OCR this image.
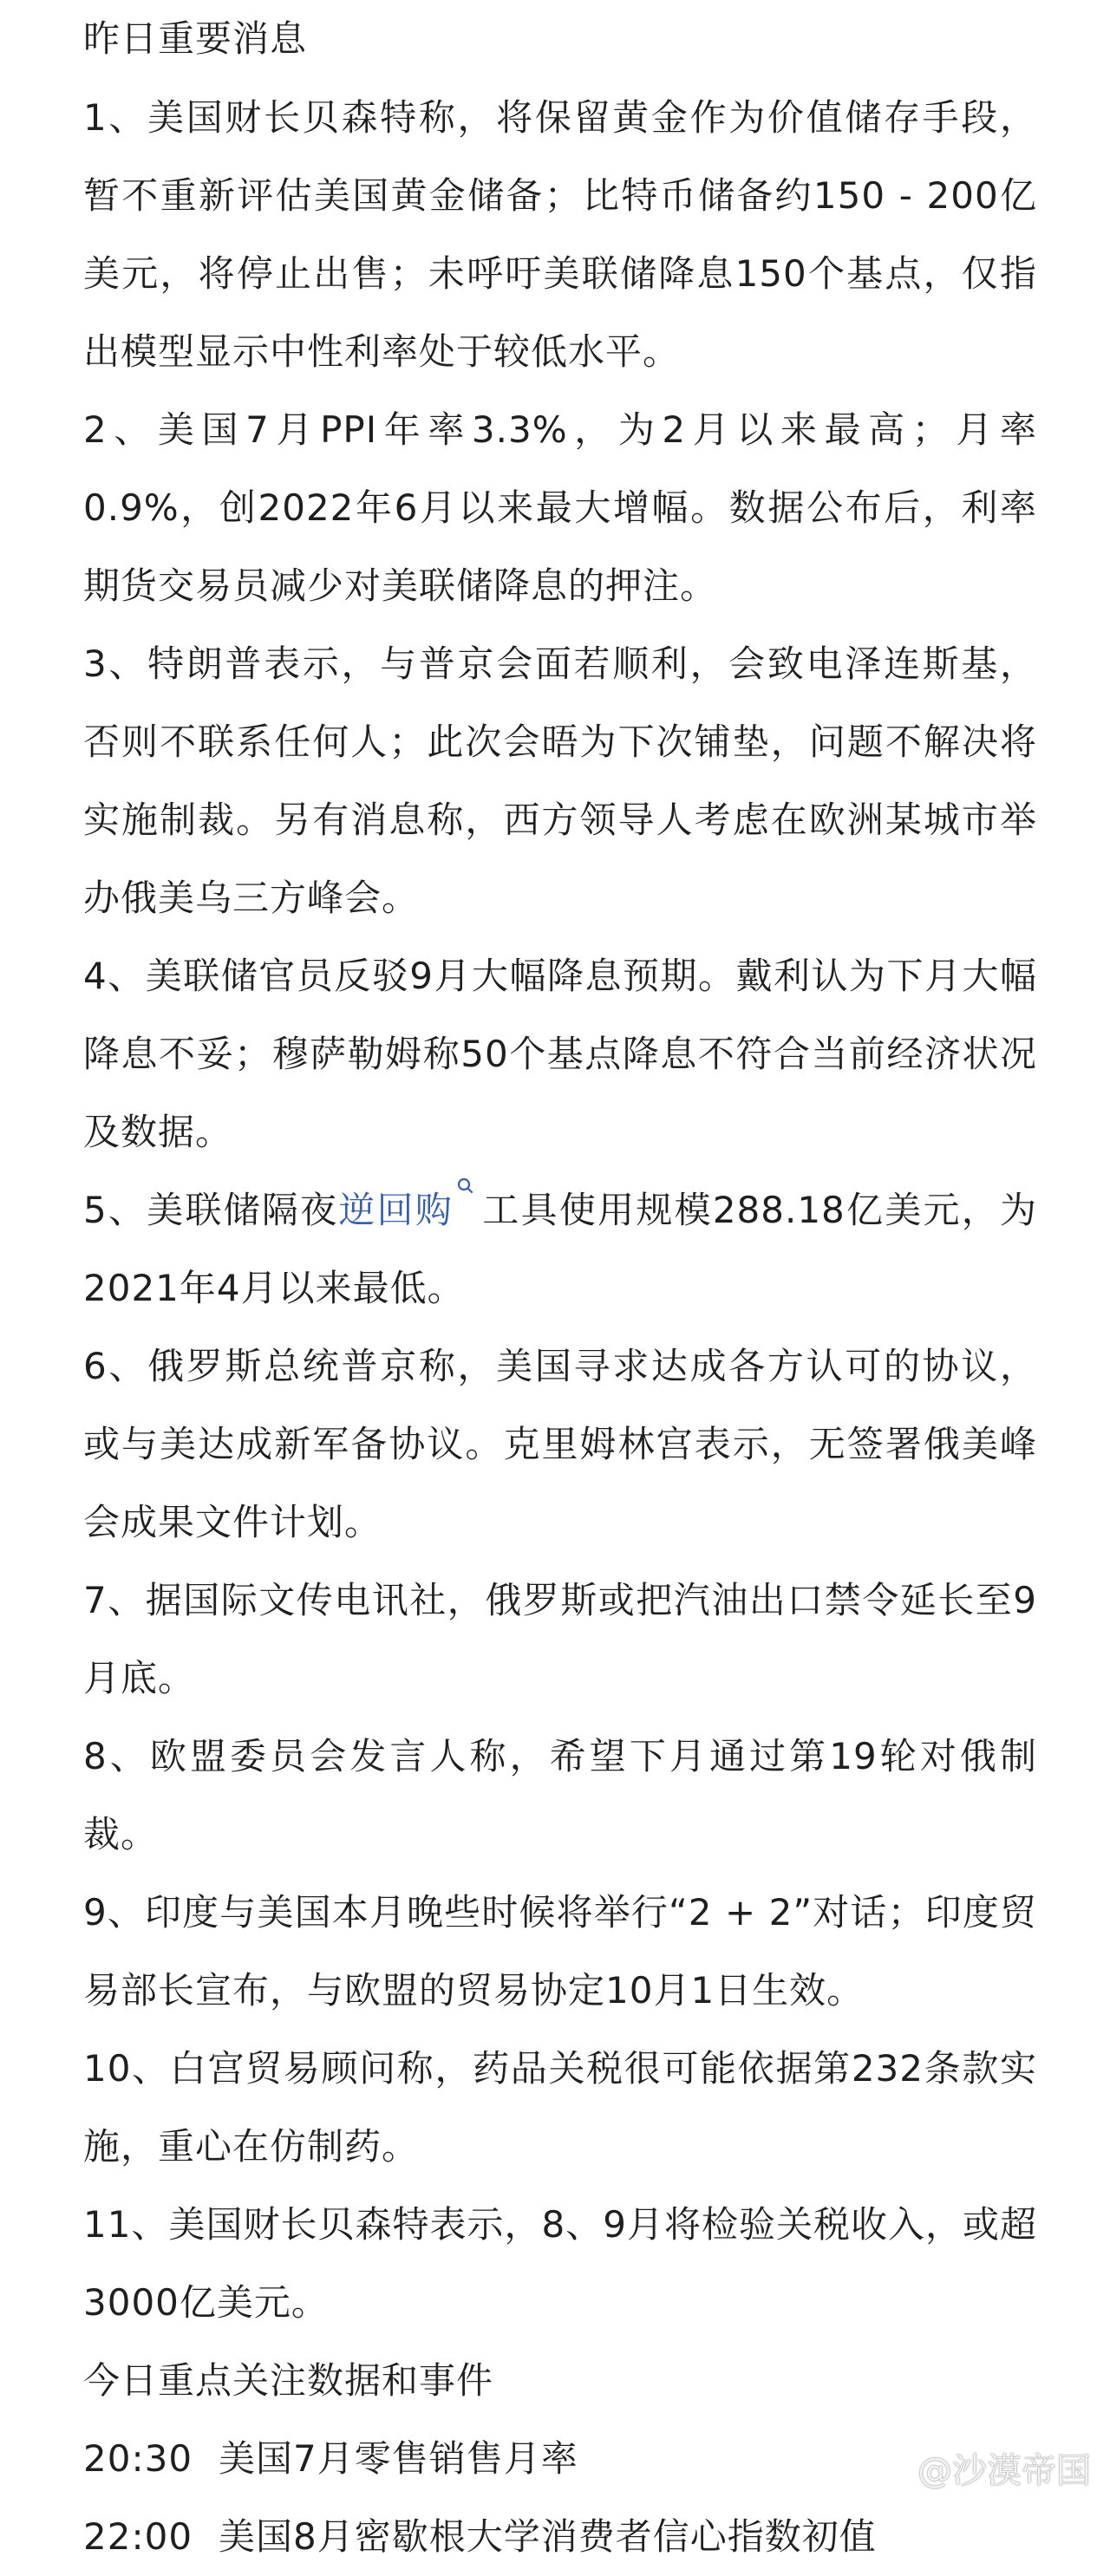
昨日重要消息
1、美国财长贝森特称，将保留黄金作为价值储存手段，暂不重新评估美国黄金储备；比特币储备约150 - 200亿美元，将停止出售；未呼吁美联储降息150个基点，仅指出模型显示中性利率处于较低水平。
2、美国7月PPI年率3.3%，为2月以来最高；月率0.9%，创2022年6月以来最大增幅。数据公布后，利率期货交易员减少对美联储降息的押注。
3、特朗普表示，与普京会面若顺利，会致电泽连斯基，否则不联系任何人；此次会晤为下次铺垫，问题不解决将实施制裁。另有消息称，西方领导人考虑在欧洲某城市举办俄美乌三方峰会。
4、美联储官员反驳9月大幅降息预期。戴利认为下月大幅降息不妥；穆萨勒姆称50个基点降息不符合当前经济状况及数据。
5、美联储隔夜逆回购 工具使用规模288.18亿美元，为2021年4月以来最低。
6、俄罗斯总统普京称，美国寻求达成各方认可的协议，或与美达成新军备协议。克里姆林宫表示，无签署俄美峰会成果文件计划。
7、据国际文传电讯社，俄罗斯或把汽油出口禁令延长至9月底。
8、欧盟委员会发言人称，希望下月通过第19轮对俄制裁。
9、印度与美国本月晚些时候将举行“2 + 2”对话；印度贸易部长宣布，与欧盟的贸易协定10月1日生效。
10、白宫贸易顾问称，药品关税很可能依据第232条款实施，重心在仿制药。
11、美国财长贝森特表示，8、9月将检验关税收入，或超3000亿美元。
今日重点关注数据和事件
20:30 美国7月零售销售月率
22:00 美国8月密歇根大学消费者信心指数初值
@沙漠帝国
